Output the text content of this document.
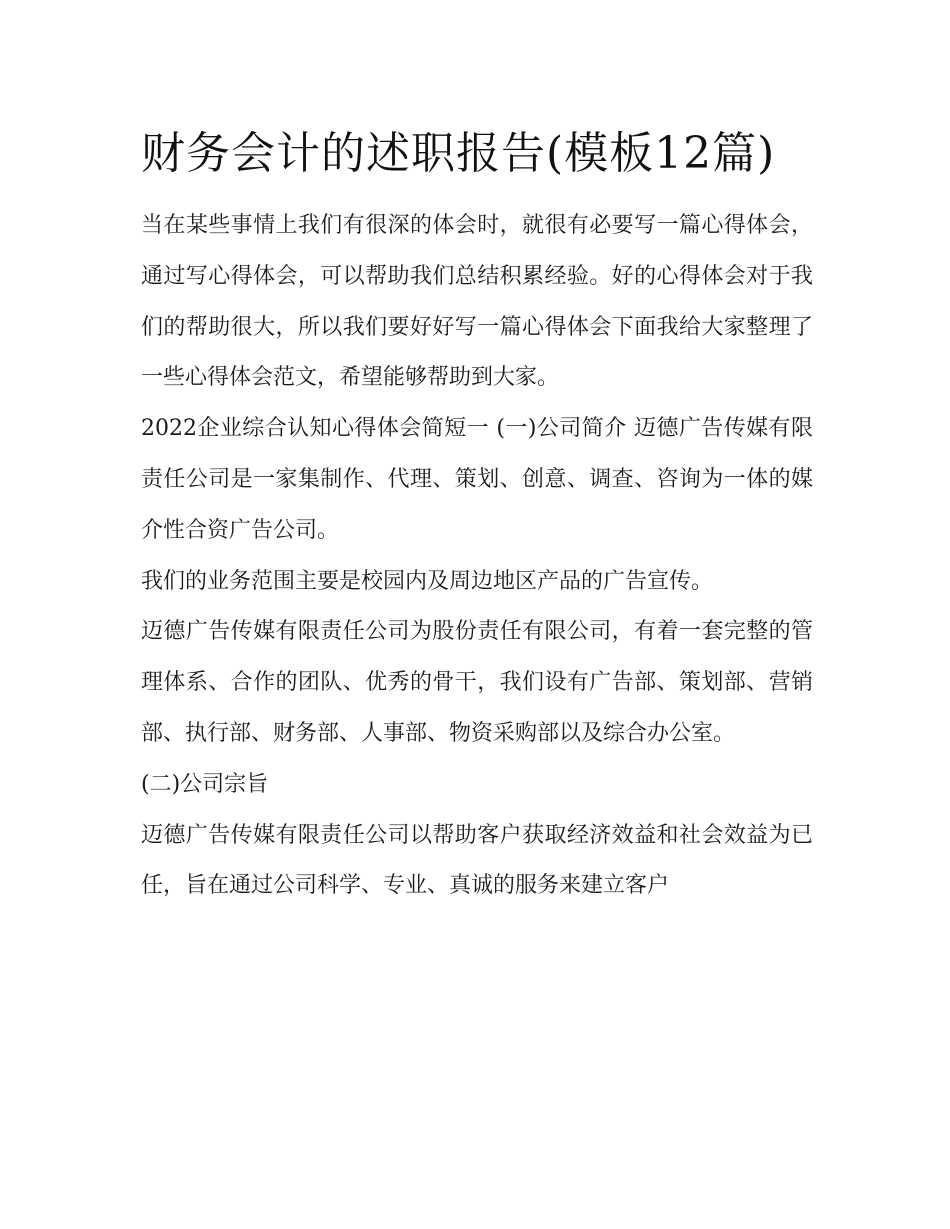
财务会计的述职报告(模板12篇)

当在某些事情上我们有很深的体会时，就很有必要写一篇心得体会，通过写心得体会，可以帮助我们总结积累经验。好的心得体会对于我们的帮助很大，所以我们要好好写一篇心得体会下面我给大家整理了一些心得体会范文，希望能够帮助到大家。

2022企业综合认知心得体会简短一 (一)公司简介 迈德广告传媒有限责任公司是一家集制作、代理、策划、创意、调查、咨询为一体的媒介性合资广告公司。

我们的业务范围主要是校园内及周边地区产品的广告宣传。

迈德广告传媒有限责任公司为股份责任有限公司，有着一套完整的管理体系、合作的团队、优秀的骨干，我们设有广告部、策划部、营销部、执行部、财务部、人事部、物资采购部以及综合办公室。

(二)公司宗旨

迈德广告传媒有限责任公司以帮助客户获取经济效益和社会效益为已任，旨在通过公司科学、专业、真诚的服务来建立客户
